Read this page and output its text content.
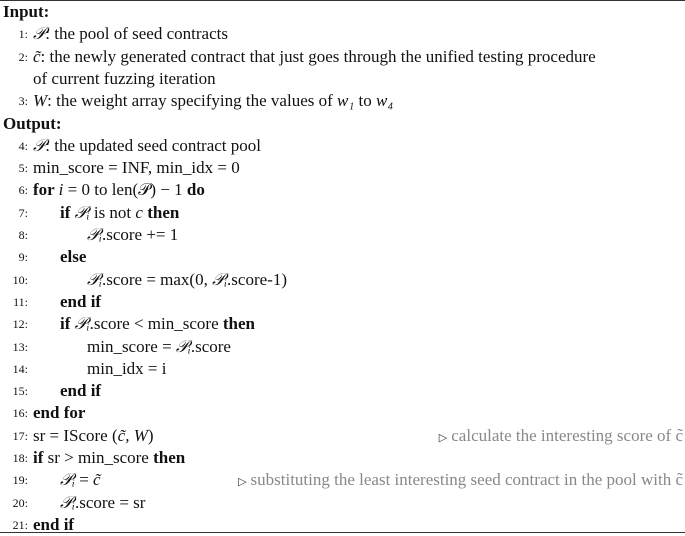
Input:
Output:
1: 𝒫: the pool of seed contracts
2: c̃: the newly generated contract that just goes through the unified testing procedure
of current fuzzing iteration
3: W: the weight array specifying the values of w₁ to w₄
4: 𝒫: the updated seed contract pool
5: min_score = INF, min_idx = 0
6: for i = 0 to len(𝒫) − 1 do
7:	if 𝒫ᵢ is not c then
8:	𝒫ᵢ.score += 1
9:	else
10:	𝒫ᵢ.score = max(0, 𝒫ᵢ.score-1)
11:	end if
12:	if 𝒫ᵢ.score < min_score then
13:	min_score = 𝒫ᵢ.score
14:	min_idx = i
15:	end if
16: end for
17: sr = IScore (c̃, W)	▷ calculate the interesting score of c̃
18: if sr > min_score then
19:	𝒫ᵢ = c̃	▷ substituting the least interesting seed contract in the pool with c̃
20:	𝒫ᵢ.score = sr
21: end if
